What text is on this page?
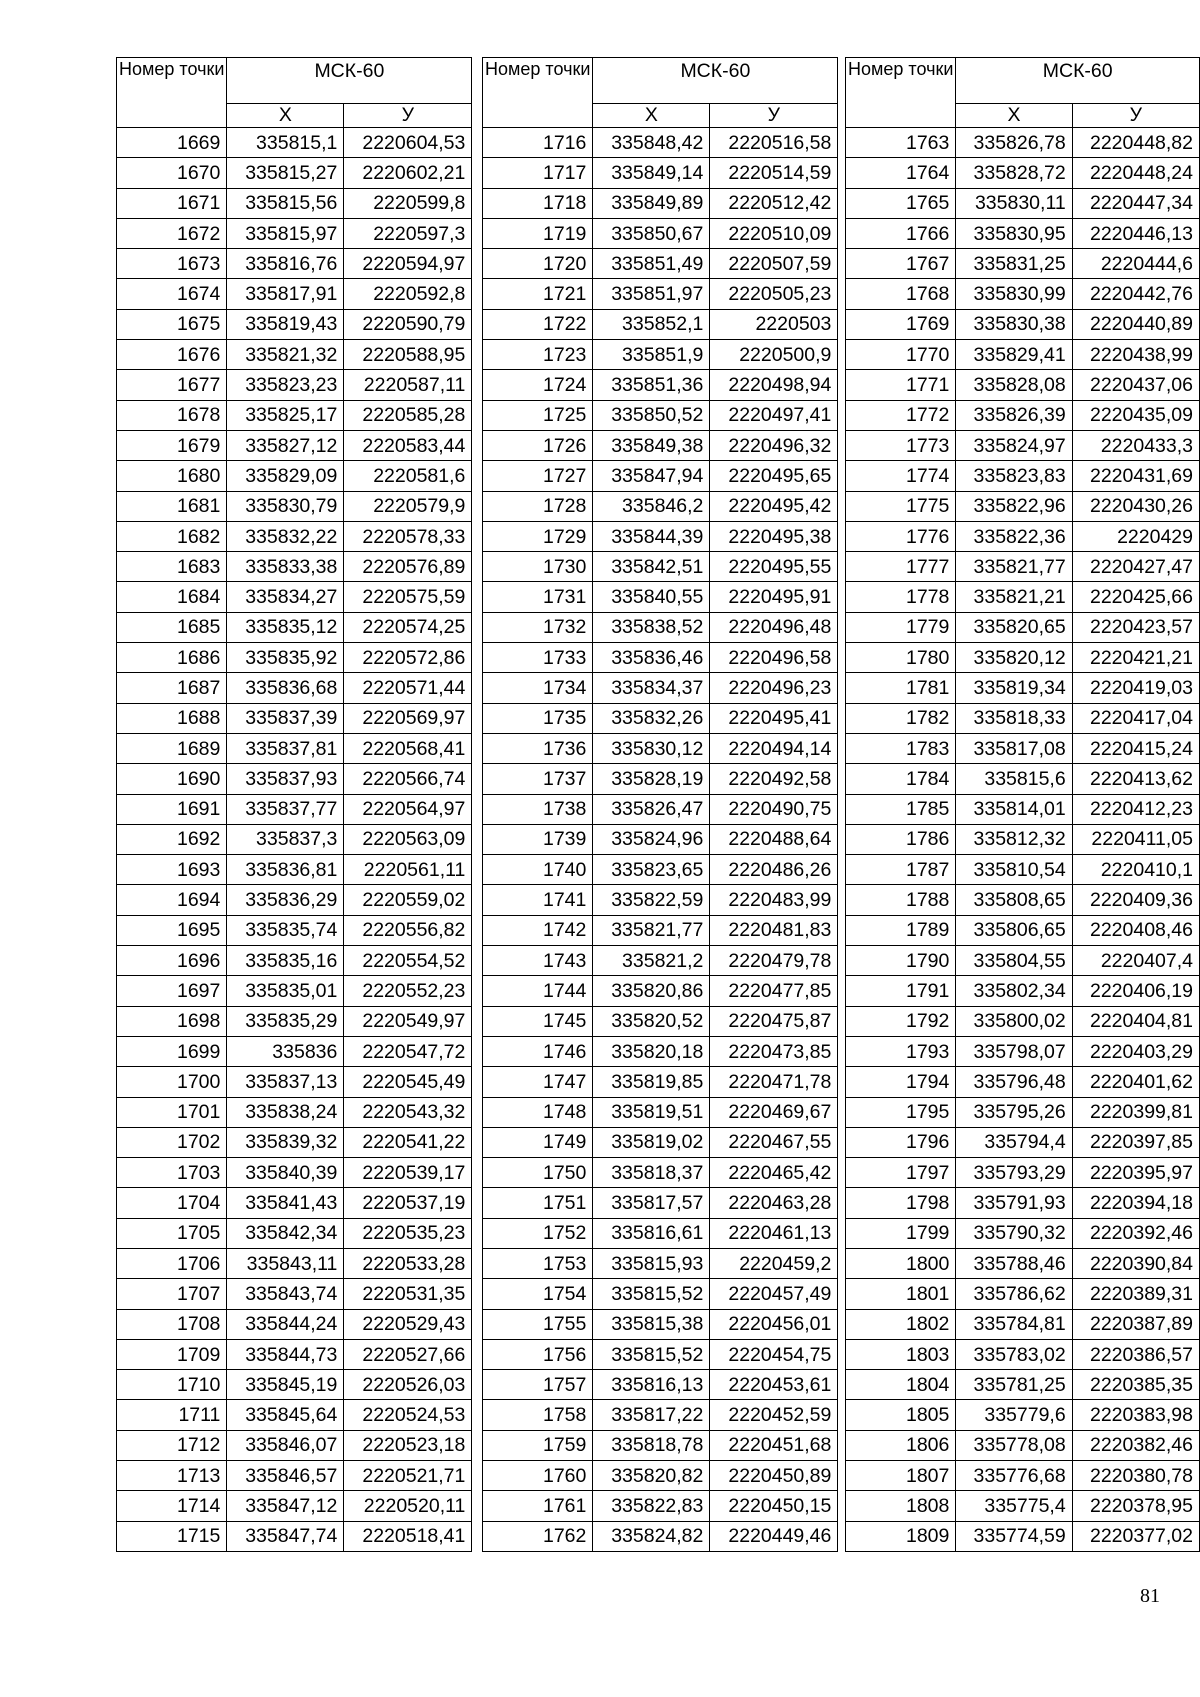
Номер точки	МСК-60	
	Х	У
1669	335815,1	2220604,53
1670	335815,27	2220602,21
1671	335815,56	2220599,8
1672	335815,97	2220597,3
1673	335816,76	2220594,97
1674	335817,91	2220592,8
1675	335819,43	2220590,79
1676	335821,32	2220588,95
1677	335823,23	2220587,11
1678	335825,17	2220585,28
1679	335827,12	2220583,44
1680	335829,09	2220581,6
1681	335830,79	2220579,9
1682	335832,22	2220578,33
1683	335833,38	2220576,89
1684	335834,27	2220575,59
1685	335835,12	2220574,25
1686	335835,92	2220572,86
1687	335836,68	2220571,44
1688	335837,39	2220569,97
1689	335837,81	2220568,41
1690	335837,93	2220566,74
1691	335837,77	2220564,97
1692	335837,3	2220563,09
1693	335836,81	2220561,11
1694	335836,29	2220559,02
1695	335835,74	2220556,82
1696	335835,16	2220554,52
1697	335835,01	2220552,23
1698	335835,29	2220549,97
1699	335836	2220547,72
1700	335837,13	2220545,49
1701	335838,24	2220543,32
1702	335839,32	2220541,22
1703	335840,39	2220539,17
1704	335841,43	2220537,19
1705	335842,34	2220535,23
1706	335843,11	2220533,28
1707	335843,74	2220531,35
1708	335844,24	2220529,43
1709	335844,73	2220527,66
1710	335845,19	2220526,03
1711	335845,64	2220524,53
1712	335846,07	2220523,18
1713	335846,57	2220521,71
1714	335847,12	2220520,11
1715	335847,74	2220518,41
Номер точки	МСК-60	
	Х	У
1716	335848,42	2220516,58
1717	335849,14	2220514,59
1718	335849,89	2220512,42
1719	335850,67	2220510,09
1720	335851,49	2220507,59
1721	335851,97	2220505,23
1722	335852,1	2220503
1723	335851,9	2220500,9
1724	335851,36	2220498,94
1725	335850,52	2220497,41
1726	335849,38	2220496,32
1727	335847,94	2220495,65
1728	335846,2	2220495,42
1729	335844,39	2220495,38
1730	335842,51	2220495,55
1731	335840,55	2220495,91
1732	335838,52	2220496,48
1733	335836,46	2220496,58
1734	335834,37	2220496,23
1735	335832,26	2220495,41
1736	335830,12	2220494,14
1737	335828,19	2220492,58
1738	335826,47	2220490,75
1739	335824,96	2220488,64
1740	335823,65	2220486,26
1741	335822,59	2220483,99
1742	335821,77	2220481,83
1743	335821,2	2220479,78
1744	335820,86	2220477,85
1745	335820,52	2220475,87
1746	335820,18	2220473,85
1747	335819,85	2220471,78
1748	335819,51	2220469,67
1749	335819,02	2220467,55
1750	335818,37	2220465,42
1751	335817,57	2220463,28
1752	335816,61	2220461,13
1753	335815,93	2220459,2
1754	335815,52	2220457,49
1755	335815,38	2220456,01
1756	335815,52	2220454,75
1757	335816,13	2220453,61
1758	335817,22	2220452,59
1759	335818,78	2220451,68
1760	335820,82	2220450,89
1761	335822,83	2220450,15
1762	335824,82	2220449,46
Номер точки	МСК-60	
	Х	У
1763	335826,78	2220448,82
1764	335828,72	2220448,24
1765	335830,11	2220447,34
1766	335830,95	2220446,13
1767	335831,25	2220444,6
1768	335830,99	2220442,76
1769	335830,38	2220440,89
1770	335829,41	2220438,99
1771	335828,08	2220437,06
1772	335826,39	2220435,09
1773	335824,97	2220433,3
1774	335823,83	2220431,69
1775	335822,96	2220430,26
1776	335822,36	2220429
1777	335821,77	2220427,47
1778	335821,21	2220425,66
1779	335820,65	2220423,57
1780	335820,12	2220421,21
1781	335819,34	2220419,03
1782	335818,33	2220417,04
1783	335817,08	2220415,24
1784	335815,6	2220413,62
1785	335814,01	2220412,23
1786	335812,32	2220411,05
1787	335810,54	2220410,1
1788	335808,65	2220409,36
1789	335806,65	2220408,46
1790	335804,55	2220407,4
1791	335802,34	2220406,19
1792	335800,02	2220404,81
1793	335798,07	2220403,29
1794	335796,48	2220401,62
1795	335795,26	2220399,81
1796	335794,4	2220397,85
1797	335793,29	2220395,97
1798	335791,93	2220394,18
1799	335790,32	2220392,46
1800	335788,46	2220390,84
1801	335786,62	2220389,31
1802	335784,81	2220387,89
1803	335783,02	2220386,57
1804	335781,25	2220385,35
1805	335779,6	2220383,98
1806	335778,08	2220382,46
1807	335776,68	2220380,78
1808	335775,4	2220378,95
1809	335774,59	2220377,02
81
